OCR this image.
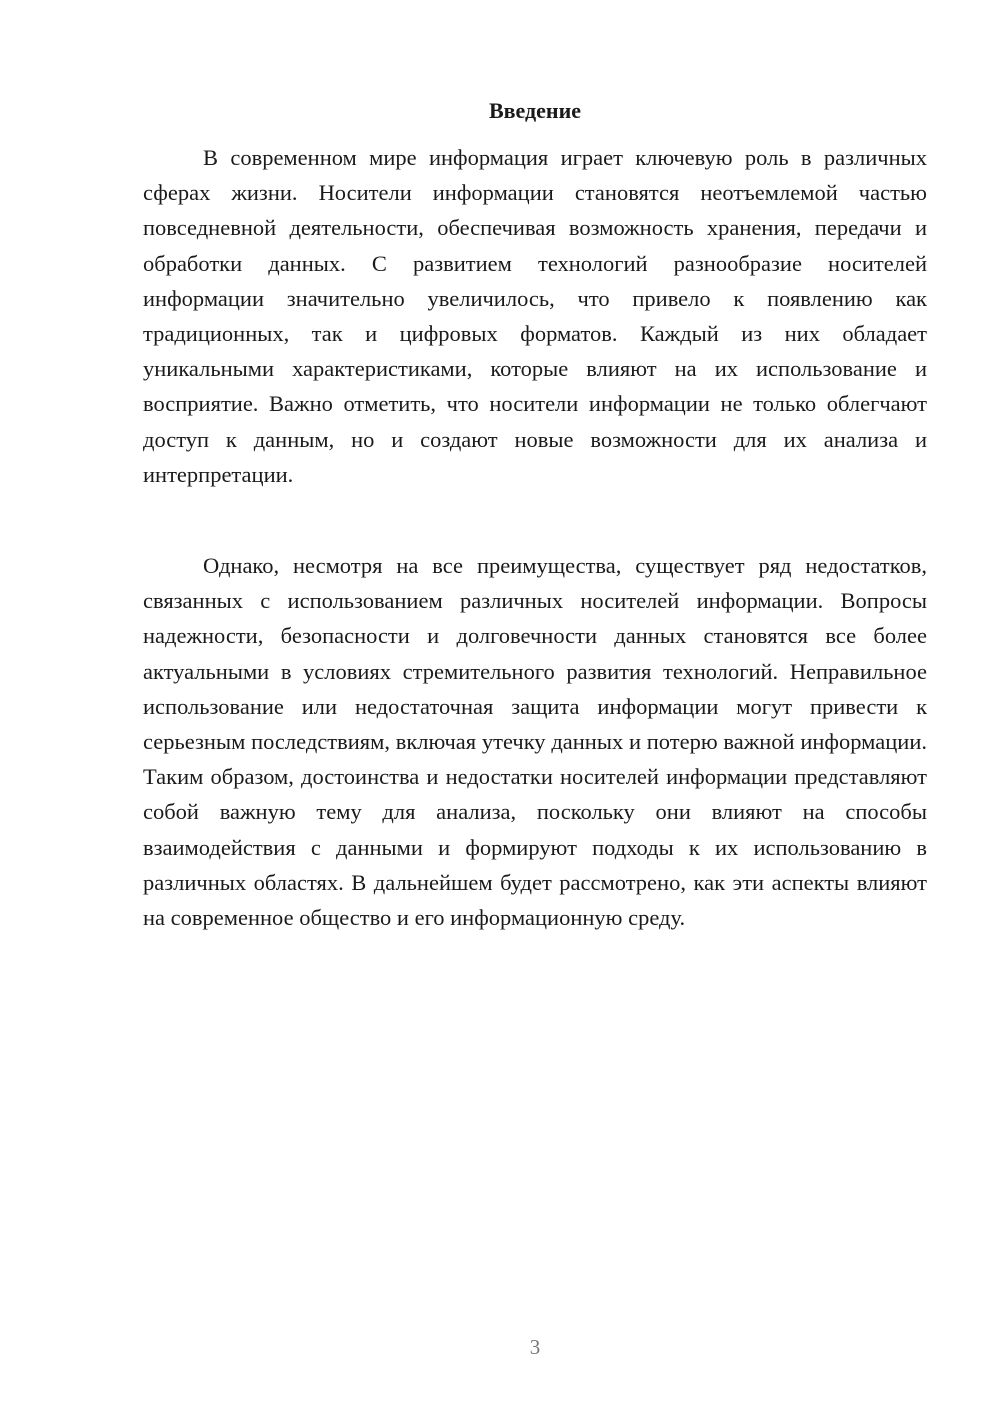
Введение

В современном мире информация играет ключевую роль в различных сферах жизни. Носители информации становятся неотъемлемой частью повседневной деятельности, обеспечивая возможность хранения, передачи и обработки данных. С развитием технологий разнообразие носителей информации значительно увеличилось, что привело к появлению как традиционных, так и цифровых форматов. Каждый из них обладает уникальными характеристиками, которые влияют на их использование и восприятие. Важно отметить, что носители информации не только облегчают доступ к данным, но и создают новые возможности для их анализа и интерпретации.

Однако, несмотря на все преимущества, существует ряд недостатков, связанных с использованием различных носителей информации. Вопросы надежности, безопасности и долговечности данных становятся все более актуальными в условиях стремительного развития технологий. Неправильное использование или недостаточная защита информации могут привести к серьезным последствиям, включая утечку данных и потерю важной информации. Таким образом, достоинства и недостатки носителей информации представляют собой важную тему для анализа, поскольку они влияют на способы взаимодействия с данными и формируют подходы к их использованию в различных областях. В дальнейшем будет рассмотрено, как эти аспекты влияют на современное общество и его информационную среду.

3
